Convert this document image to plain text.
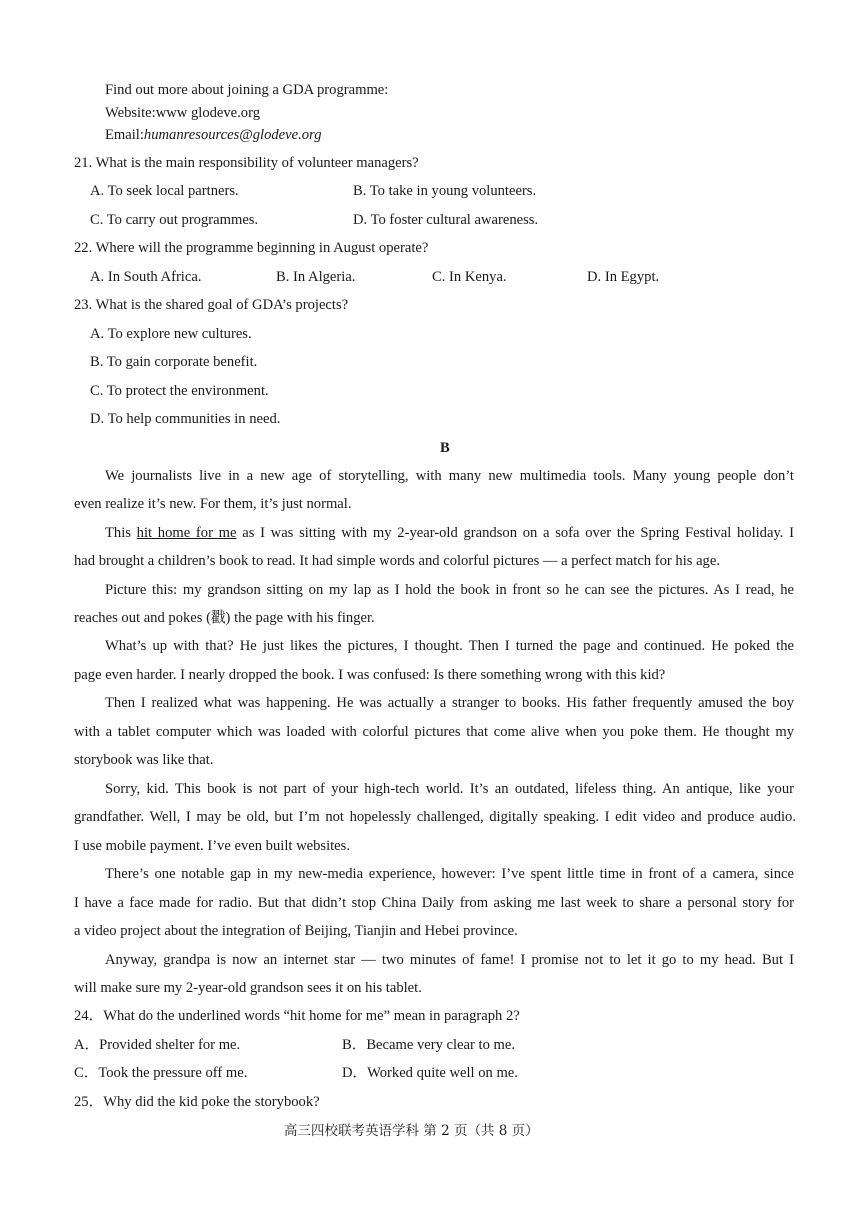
Find out more about joining a GDA programme:
Website:www glodeve.org
Email:humanresources@glodeve.org
21. What is the main responsibility of volunteer managers?
A. To seek local partners.	B. To take in young volunteers.
C. To carry out programmes.	D. To foster cultural awareness.
22. Where will the programme beginning in August operate?
A. In South Africa.	B. In Algeria.	C. In Kenya.	D. In Egypt.
23. What is the shared goal of GDA’s projects?
A. To explore new cultures.
B. To gain corporate benefit.
C. To protect the environment.
D. To help communities in need.
B
We journalists live in a new age of storytelling, with many new multimedia tools. Many young people don’t
even realize it’s new. For them, it’s just normal.
This hit home for me as I was sitting with my 2-year-old grandson on a sofa over the Spring Festival holiday. I
had brought a children’s book to read. It had simple words and colorful pictures — a perfect match for his age.
Picture this: my grandson sitting on my lap as I hold the book in front so he can see the pictures. As I read, he
reaches out and pokes (戳) the page with his finger.
What’s up with that? He just likes the pictures, I thought. Then I turned the page and continued. He poked the
page even harder. I nearly dropped the book. I was confused: Is there something wrong with this kid?
Then I realized what was happening. He was actually a stranger to books. His father frequently amused the boy
with a tablet computer which was loaded with colorful pictures that come alive when you poke them. He thought my
storybook was like that.
Sorry, kid. This book is not part of your high-tech world. It’s an outdated, lifeless thing. An antique, like your
grandfather. Well, I may be old, but I’m not hopelessly challenged, digitally speaking. I edit video and produce audio.
I use mobile payment. I’ve even built websites.
There’s one notable gap in my new-media experience, however: I’ve spent little time in front of a camera, since
I have a face made for radio. But that didn’t stop China Daily from asking me last week to share a personal story for
a video project about the integration of Beijing, Tianjin and Hebei province.
Anyway, grandpa is now an internet star — two minutes of fame! I promise not to let it go to my head. But I
will make sure my 2-year-old grandson sees it on his tablet.
24．What do the underlined words “hit home for me” mean in paragraph 2?
A．Provided shelter for me.	B．Became very clear to me.
C．Took the pressure off me.	D．Worked quite well on me.
25．Why did the kid poke the storybook?
高三四校联考英语学科 第 2 页（共 8 页）
